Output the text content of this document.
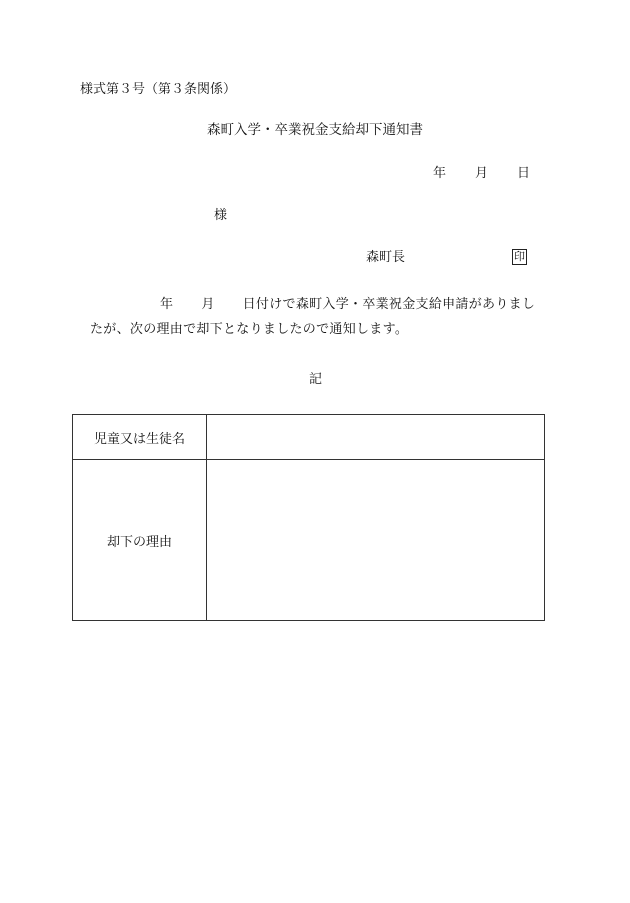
様式第３号（第３条関係）
森町入学・卒業祝金支給却下通知書
年 月 日
様
森町長	印
年 月 日付けで森町入学・卒業祝金支給申請がありまし
たが、次の理由で却下となりましたので通知します。
記
児童又は生徒名	
却下の理由	
